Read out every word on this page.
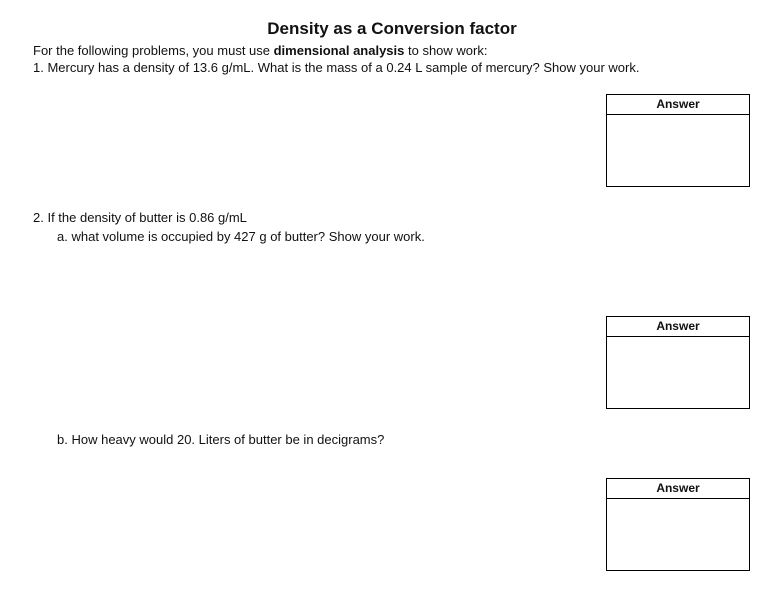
Density as a Conversion factor
For the following problems, you must use dimensional analysis to show work:
1. Mercury has a density of 13.6 g/mL. What is the mass of a 0.24 L sample of mercury? Show your work.
Answer
2. If the density of butter is 0.86 g/mL
a. what volume is occupied by 427 g of butter? Show your work.
Answer
b. How heavy would 20. Liters of butter be in decigrams?
Answer
